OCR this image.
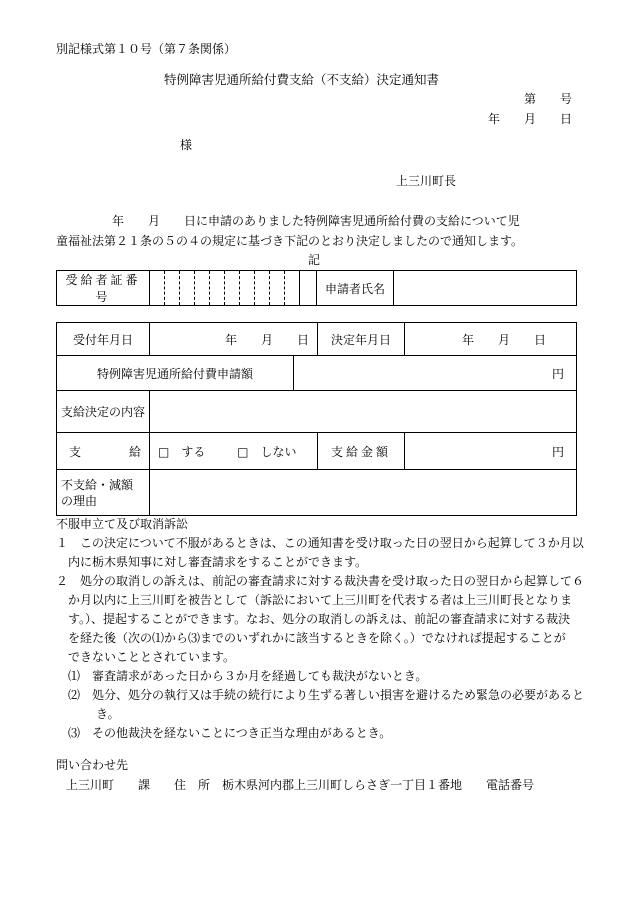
別記様式第１０号（第７条関係）
特例障害児通所給付費支給（不支給）決定通知書
第　　号
年　　月　　日
様
上三川町長
年　　月　　日に申請のありました特例障害児通所給付費の支給について児
童福祉法第２１条の５の４の規定に基づき下記のとおり決定しましたので通知します。
記
受給者証番号												申請者氏名	
受付年月日	年　　月　　日		決定年月日	年　　月　　日
特例障害児通所給付費申請額		円		
支給決定の内容				

支 給	□　する □　しない		支給金額	円

不支給・減額
の理由				

不服申立て及び取消訴訟
１　この決定について不服があるときは、この通知書を受け取った日の翌日から起算して３か月以
内に栃木県知事に対し審査請求をすることができます。
２　処分の取消しの訴えは、前記の審査請求に対する裁決書を受け取った日の翌日から起算して６
か月以内に上三川町を被告として（訴訟において上三川町を代表する者は上三川町長となりま
す。）、提起することができます。なお、処分の取消しの訴えは、前記の審査請求に対する裁決
を経た後（次の⑴から⑶までのいずれかに該当するときを除く。）でなければ提起することが
できないこととされています。
⑴　審査請求があった日から３か月を経過しても裁決がないとき。
⑵　処分、処分の執行又は手続の続行により生ずる著しい損害を避けるため緊急の必要があると
き。
⑶　その他裁決を経ないことにつき正当な理由があるとき。
問い合わせ先
上三川町　　課　　住　所　栃木県河内郡上三川町しらさぎ一丁目１番地　　電話番号
